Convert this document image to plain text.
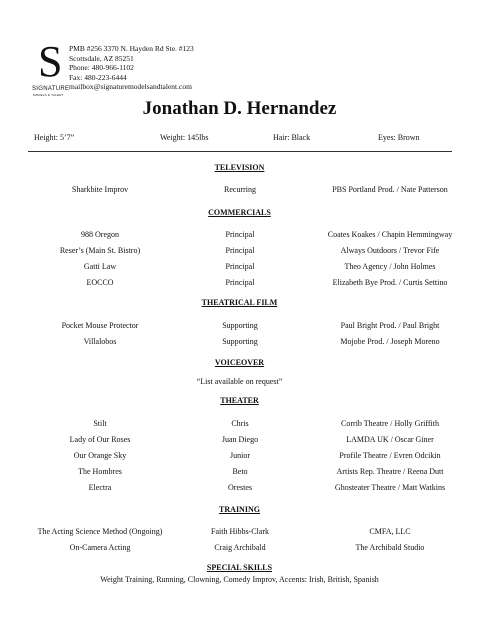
S
SIGNATURE
MODELS & TALENT
PMB #256 3370 N. Hayden Rd Ste. #123
Scottsdale, AZ 85251
Phone: 480-966-1102
Fax: 480-223-6444
mailbox@signaturemodelsandtalent.com
Jonathan D. Hernandez
Height: 5’7”	Weight: 145lbs	Hair: Black	Eyes: Brown
TELEVISION
Sharkbite Improv	Recurring	PBS Portland Prod. / Nate Patterson
COMMERCIALS
988 Oregon	Principal	Coates Koakes / Chapin Hemmingway
Reser’s (Main St. Bistro)	Principal	Always Outdoors / Trevor Fife
Gatti Law	Principal	Theo Agency / John Holmes
EOCCO	Principal	Elizabeth Bye Prod. / Curtis Settino
THEATRICAL FILM
Pocket Mouse Protector	Supporting	Paul Bright Prod. / Paul Bright
Villalobos	Supporting	Mojobe Prod. / Joseph Moreno
VOICEOVER
“List available on request”
THEATER
Stilt	Chris	Corrib Theatre / Holly Griffith
Lady of Our Roses	Juan Diego	LAMDA UK / Oscar Giner
Our Orange Sky	Junior	Profile Theatre / Evren Odcikin
The Hombres	Beto	Artists Rep. Theatre / Reena Dutt
Electra	Orestes	Ghosteater Theatre / Matt Watkins
TRAINING
The Acting Science Method (Ongoing)	Faith Hibbs-Clark	CMFA, LLC
On-Camera Acting	Craig Archibald	The Archibald Studio
SPECIAL SKILLS
Weight Training, Running, Clowning, Comedy Improv, Accents: Irish, British, Spanish
